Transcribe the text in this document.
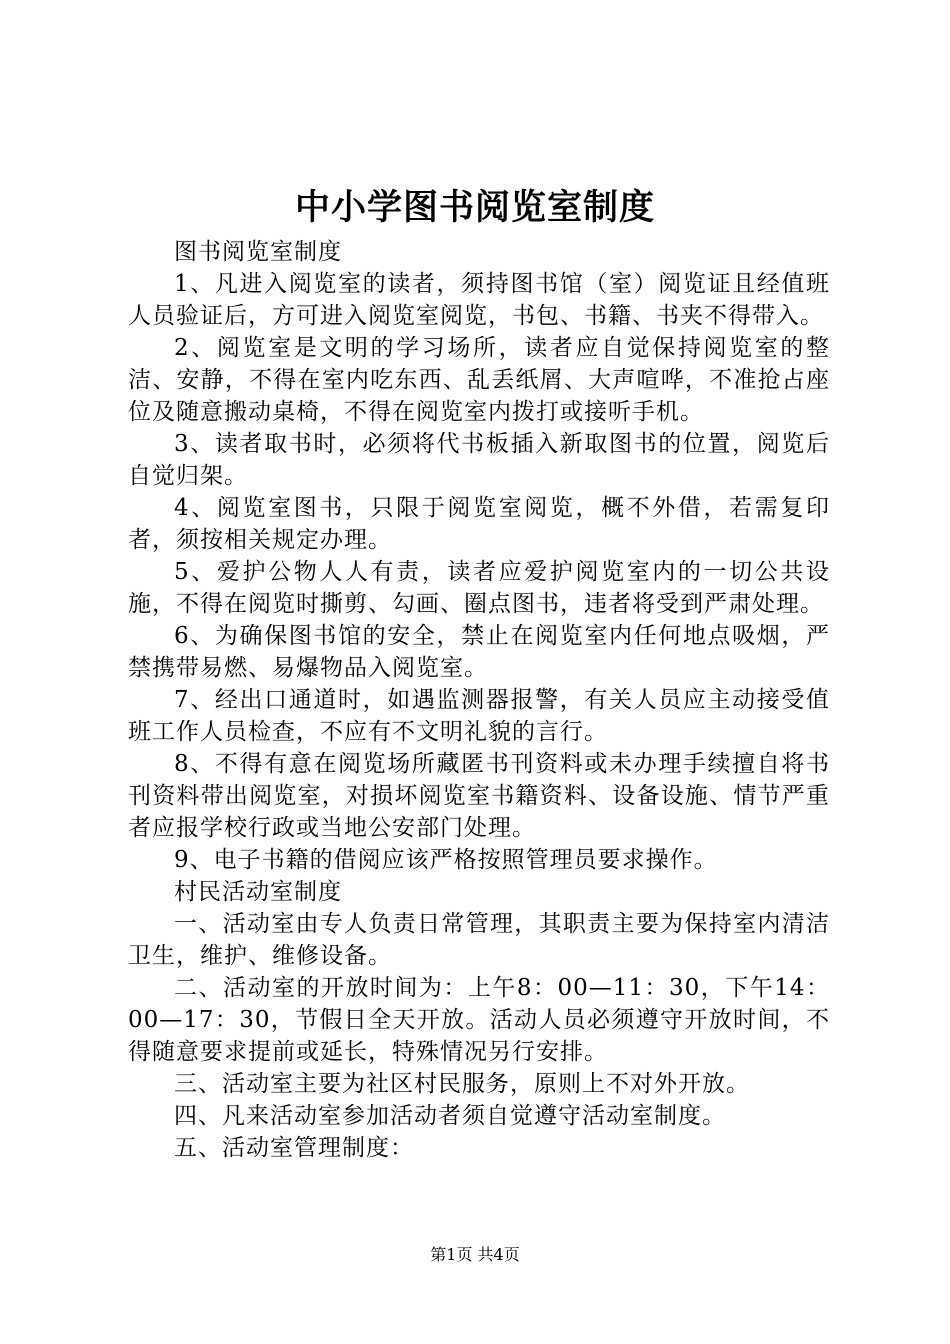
中小学图书阅览室制度

图书阅览室制度

1、凡进入阅览室的读者，须持图书馆（室）阅览证且经值班人员验证后，方可进入阅览室阅览，书包、书籍、书夹不得带入。

2、阅览室是文明的学习场所，读者应自觉保持阅览室的整洁、安静，不得在室内吃东西、乱丢纸屑、大声喧哗，不准抢占座位及随意搬动桌椅，不得在阅览室内拨打或接听手机。

3、读者取书时，必须将代书板插入新取图书的位置，阅览后自觉归架。

4、阅览室图书，只限于阅览室阅览，概不外借，若需复印者，须按相关规定办理。

5、爱护公物人人有责，读者应爱护阅览室内的一切公共设施，不得在阅览时撕剪、勾画、圈点图书，违者将受到严肃处理。

6、为确保图书馆的安全，禁止在阅览室内任何地点吸烟，严禁携带易燃、易爆物品入阅览室。

7、经出口通道时，如遇监测器报警，有关人员应主动接受值班工作人员检查，不应有不文明礼貌的言行。

8、不得有意在阅览场所藏匿书刊资料或未办理手续擅自将书刊资料带出阅览室，对损坏阅览室书籍资料、设备设施、情节严重者应报学校行政或当地公安部门处理。

9、电子书籍的借阅应该严格按照管理员要求操作。

村民活动室制度

一、活动室由专人负责日常管理，其职责主要为保持室内清洁卫生，维护、维修设备。

二、活动室的开放时间为：上午8：00—11：30，下午14：00—17：30，节假日全天开放。活动人员必须遵守开放时间，不得随意要求提前或延长，特殊情况另行安排。

三、活动室主要为社区村民服务，原则上不对外开放。

四、凡来活动室参加活动者须自觉遵守活动室制度。

五、活动室管理制度：

第1页 共4页
